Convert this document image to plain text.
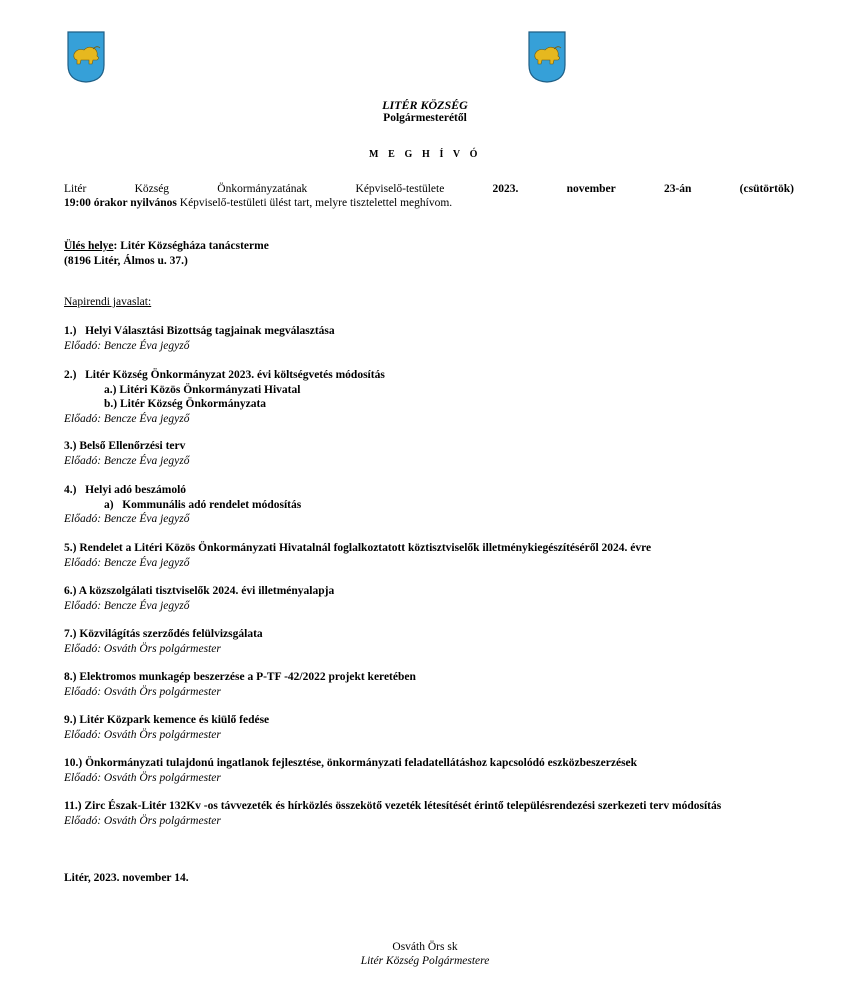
LITÉR KÖZSÉG
Polgármesterétől
M E G H Í V Ó
Litér	Község	Önkormányzatának	Képviselő-testülete	2023.	november	23-án	(csütörtök)
19:00 órakor nyilvános Képviselő-testületi ülést tart, melyre tisztelettel meghívom.
Ülés helye: Litér Községháza tanácsterme
(8196 Litér, Álmos u. 37.)
Napirendi javaslat:
1.)   Helyi Választási Bizottság tagjainak megválasztása
Előadó: Bencze Éva jegyző
2.)   Litér Község Önkormányzat 2023. évi költségvetés módosítás
a.) Litéri Közös Önkormányzati Hivatal
b.) Litér Község Önkormányzata
Előadó: Bencze Éva jegyző
3.) Belső Ellenőrzési terv
Előadó: Bencze Éva jegyző
4.)   Helyi adó beszámoló
a)   Kommunális adó rendelet módosítás
Előadó: Bencze Éva jegyző
5.) Rendelet a Litéri Közös Önkormányzati Hivatalnál foglalkoztatott köztisztviselők illetménykiegészítéséről 2024. évre
Előadó: Bencze Éva jegyző
6.) A közszolgálati tisztviselők 2024. évi illetményalapja
Előadó: Bencze Éva jegyző
7.) Közvilágítás szerződés felülvizsgálata
Előadó: Osváth Örs polgármester
8.) Elektromos munkagép beszerzése a P-TF -42/2022 projekt keretében
Előadó: Osváth Örs polgármester
9.) Litér Közpark kemence és kiülő fedése
Előadó: Osváth Örs polgármester
10.) Önkormányzati tulajdonú ingatlanok fejlesztése, önkormányzati feladatellátáshoz kapcsolódó eszközbeszerzések
Előadó: Osváth Örs polgármester
11.) Zirc Észak-Litér 132Kv -os távvezeték és hírközlés összekötő vezeték létesítését érintő településrendezési szerkezeti terv módosítás
Előadó: Osváth Örs polgármester
Litér, 2023. november 14.
Osváth Örs sk
Litér Község Polgármestere
